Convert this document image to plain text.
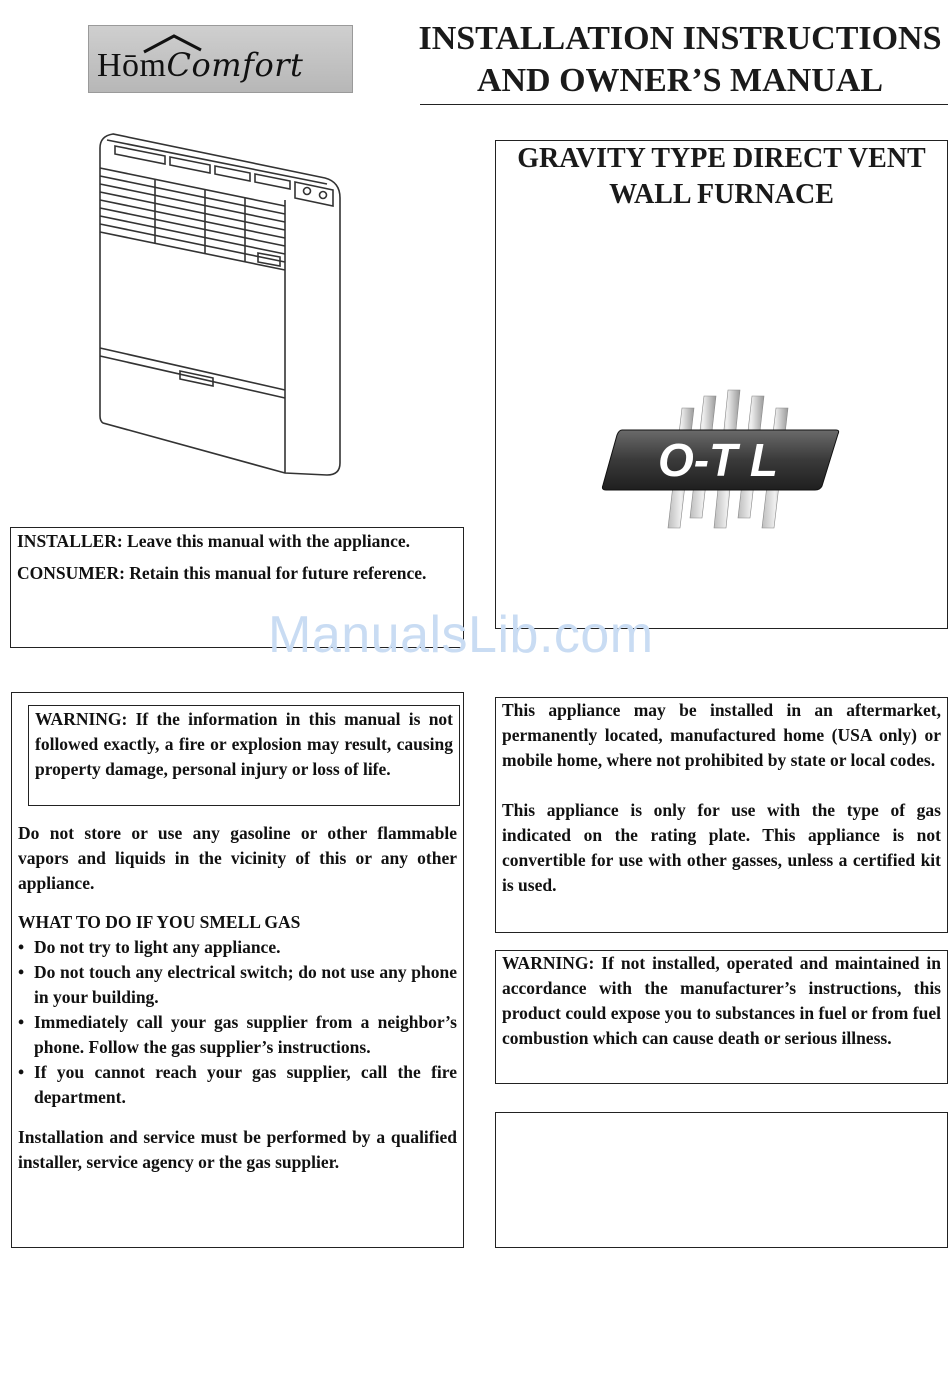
HōmComfort
INSTALLATION INSTRUCTIONS
AND OWNER’S MANUAL
GRAVITY TYPE DIRECT VENT
WALL FURNACE
O-T L

INSTALLER: Leave this manual with the appliance.

CONSUMER: Retain this manual for future reference.

ManualsLib.com

WARNING: If the information in this manual is not followed exactly, a fire or explosion may result, causing property damage, personal injury or loss of life.

Do not store or use any gasoline or other flammable vapors and liquids in the vicinity of this or any other appliance.

WHAT TO DO IF YOU SMELL GAS

• Do not try to light any appliance.
• Do not touch any electrical switch; do not use any phone in your building.
• Immediately call your gas supplier from a neighbor’s phone. Follow the gas supplier’s instructions.
• If you cannot reach your gas supplier, call the fire department.

Installation and service must be performed by a qualified installer, service agency or the gas supplier.

This appliance may be installed in an aftermarket, permanently located, manufactured home (USA only) or mobile home, where not prohibited by state or local codes.

This appliance is only for use with the type of gas indicated on the rating plate. This appliance is not convertible for use with other gasses, unless a certified kit is used.

WARNING: If not installed, operated and maintained in accordance with the manufacturer’s instructions, this product could expose you to substances in fuel or from fuel combustion which can cause death or serious illness.
